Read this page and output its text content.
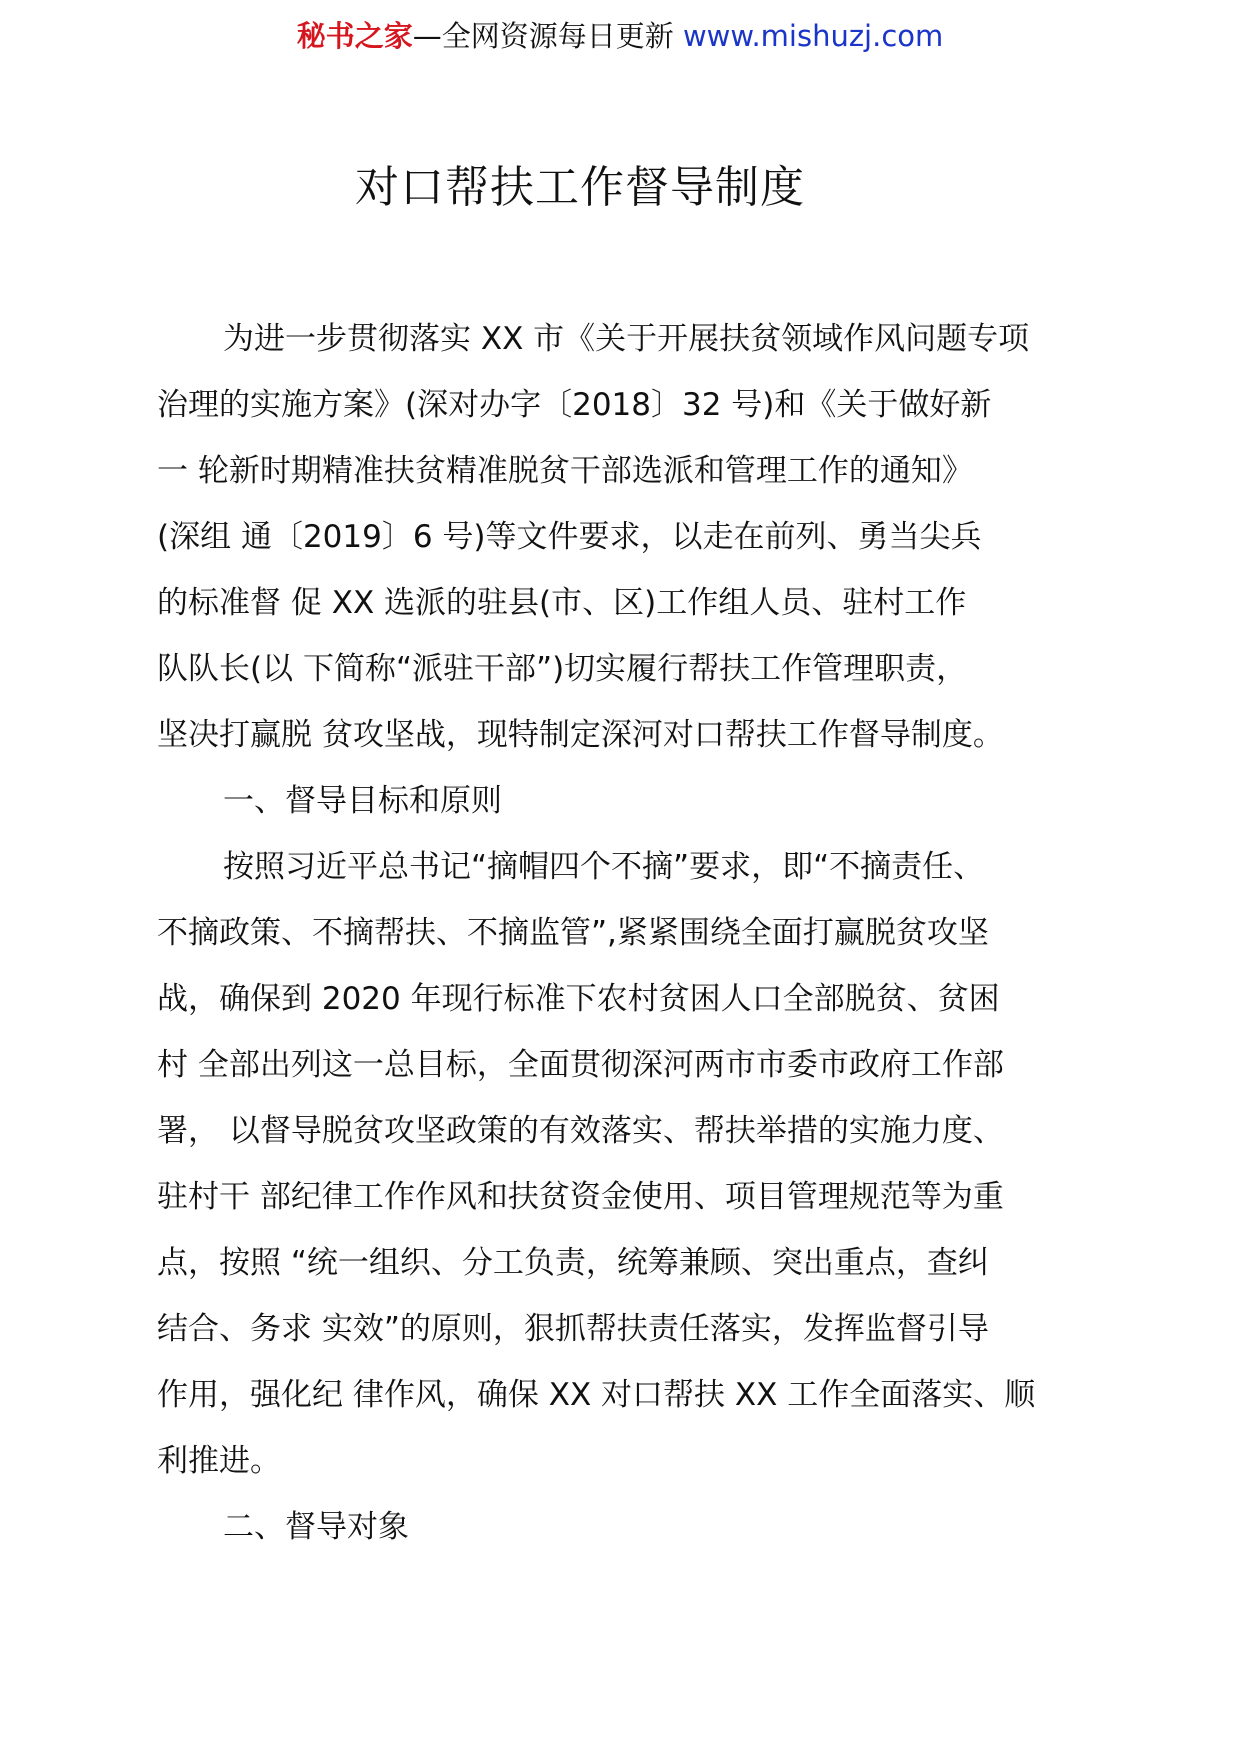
秘书之家—全网资源每日更新 www.mishuzj.com
对口帮扶工作督导制度

为进一步贯彻落实 XX 市《关于开展扶贫领域作风问题专项
治理的实施方案》(深对办字〔2018〕32 号)和《关于做好新
一 轮新时期精准扶贫精准脱贫干部选派和管理工作的通知》
(深组 通〔2019〕6 号)等文件要求，以走在前列、勇当尖兵
的标准督 促 XX 选派的驻县(市、区)工作组人员、驻村工作
队队长(以 下简称“派驻干部”)切实履行帮扶工作管理职责，
坚决打赢脱 贫攻坚战，现特制定深河对口帮扶工作督导制度。

一、督导目标和原则

按照习近平总书记“摘帽四个不摘”要求，即“不摘责任、
不摘政策、不摘帮扶、不摘监管”,紧紧围绕全面打赢脱贫攻坚
战，确保到 2020 年现行标准下农村贫困人口全部脱贫、贫困
村 全部出列这一总目标，全面贯彻深河两市市委市政府工作部
署， 以督导脱贫攻坚政策的有效落实、帮扶举措的实施力度、
驻村干 部纪律工作作风和扶贫资金使用、项目管理规范等为重
点，按照 “统一组织、分工负责，统筹兼顾、突出重点，查纠
结合、务求 实效”的原则，狠抓帮扶责任落实，发挥监督引导
作用，强化纪 律作风，确保 XX 对口帮扶 XX 工作全面落实、顺
利推进。

二、督导对象
